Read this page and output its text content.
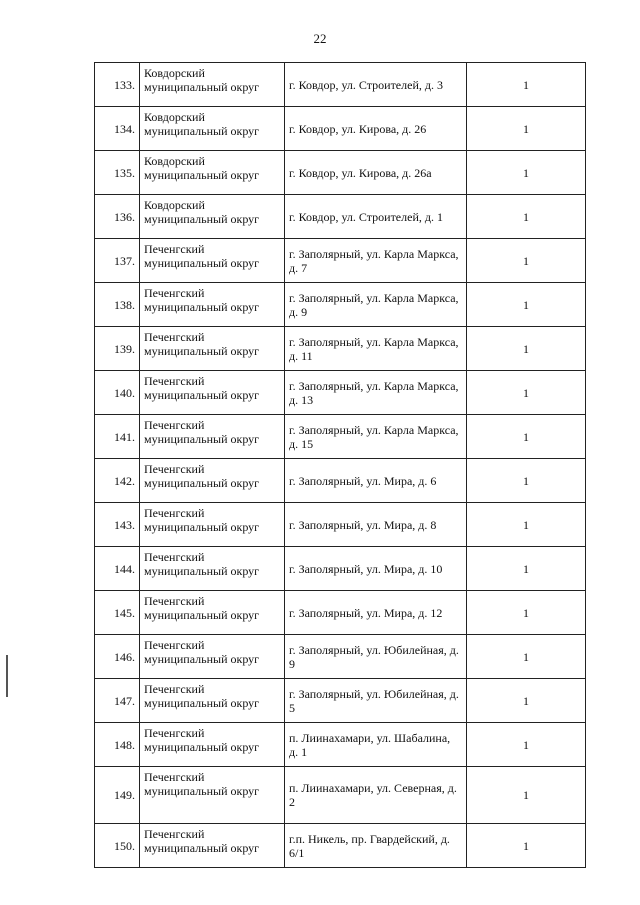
22
133.	Ковдорский муниципальный округ	г. Ковдор, ул. Строителей, д. 3	1
134.	Ковдорский муниципальный округ	г. Ковдор, ул. Кирова, д. 26	1
135.	Ковдорский муниципальный округ	г. Ковдор, ул. Кирова, д. 26а	1
136.	Ковдорский муниципальный округ	г. Ковдор, ул. Строителей, д. 1	1
137.	Печенгский муниципальный округ	г. Заполярный, ул. Карла Маркса, д. 7	1
138.	Печенгский муниципальный округ	г. Заполярный, ул. Карла Маркса, д. 9	1
139.	Печенгский муниципальный округ	г. Заполярный, ул. Карла Маркса, д. 11	1
140.	Печенгский муниципальный округ	г. Заполярный, ул. Карла Маркса, д. 13	1
141.	Печенгский муниципальный округ	г. Заполярный, ул. Карла Маркса, д. 15	1
142.	Печенгский муниципальный округ	г. Заполярный, ул. Мира, д. 6	1
143.	Печенгский муниципальный округ	г. Заполярный, ул. Мира, д. 8	1
144.	Печенгский муниципальный округ	г. Заполярный, ул. Мира, д. 10	1
145.	Печенгский муниципальный округ	г. Заполярный, ул. Мира, д. 12	1
146.	Печенгский муниципальный округ	г. Заполярный, ул. Юбилейная, д. 9	1
147.	Печенгский муниципальный округ	г. Заполярный, ул. Юбилейная, д. 5	1
148.	Печенгский муниципальный округ	п. Лиинахамари, ул. Шабалина, д. 1	1
149.	Печенгский муниципальный округ	п. Лиинахамари, ул. Северная, д. 2	1
150.	Печенгский муниципальный округ	г.п. Никель, пр. Гвардейский, д. 6/1	1
